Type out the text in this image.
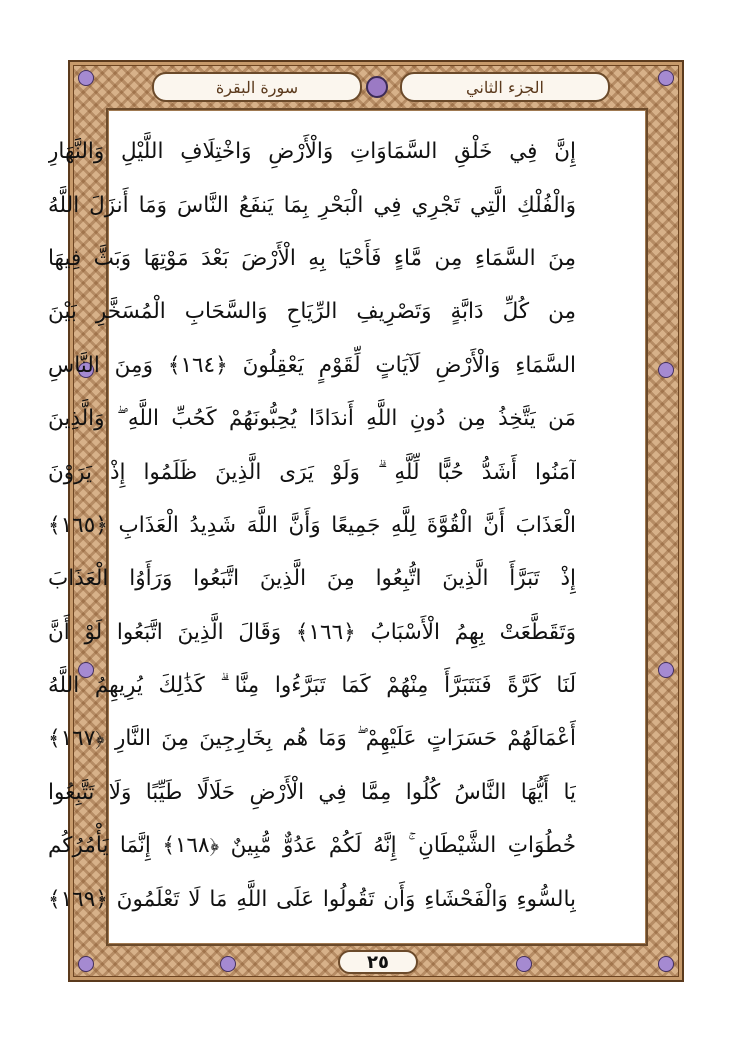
سورة البقرة	الجزء الثاني
٢٥
إِنَّ فِي خَلْقِ السَّمَاوَاتِ وَالْأَرْضِ وَاخْتِلَافِ اللَّيْلِ وَالنَّهَارِ
وَالْفُلْكِ الَّتِي تَجْرِي فِي الْبَحْرِ بِمَا يَنفَعُ النَّاسَ وَمَا أَنزَلَ اللَّهُ
مِنَ السَّمَاءِ مِن مَّاءٍ فَأَحْيَا بِهِ الْأَرْضَ بَعْدَ مَوْتِهَا وَبَثَّ فِيهَا
مِن كُلِّ دَابَّةٍ وَتَصْرِيفِ الرِّيَاحِ وَالسَّحَابِ الْمُسَخَّرِ بَيْنَ
السَّمَاءِ وَالْأَرْضِ لَآيَاتٍ لِّقَوْمٍ يَعْقِلُونَ ﴿١٦٤﴾ وَمِنَ النَّاسِ
مَن يَتَّخِذُ مِن دُونِ اللَّهِ أَندَادًا يُحِبُّونَهُمْ كَحُبِّ اللَّهِ ۖ وَالَّذِينَ
آمَنُوا أَشَدُّ حُبًّا لِّلَّهِ ۗ وَلَوْ يَرَى الَّذِينَ ظَلَمُوا إِذْ يَرَوْنَ
الْعَذَابَ أَنَّ الْقُوَّةَ لِلَّهِ جَمِيعًا وَأَنَّ اللَّهَ شَدِيدُ الْعَذَابِ ﴿١٦٥﴾
إِذْ تَبَرَّأَ الَّذِينَ اتُّبِعُوا مِنَ الَّذِينَ اتَّبَعُوا وَرَأَوُا الْعَذَابَ
وَتَقَطَّعَتْ بِهِمُ الْأَسْبَابُ ﴿١٦٦﴾ وَقَالَ الَّذِينَ اتَّبَعُوا لَوْ أَنَّ
لَنَا كَرَّةً فَنَتَبَرَّأَ مِنْهُمْ كَمَا تَبَرَّءُوا مِنَّا ۗ كَذَٰلِكَ يُرِيهِمُ اللَّهُ
أَعْمَالَهُمْ حَسَرَاتٍ عَلَيْهِمْ ۖ وَمَا هُم بِخَارِجِينَ مِنَ النَّارِ ﴿١٦٧﴾
يَا أَيُّهَا النَّاسُ كُلُوا مِمَّا فِي الْأَرْضِ حَلَالًا طَيِّبًا وَلَا تَتَّبِعُوا
خُطُوَاتِ الشَّيْطَانِ ۚ إِنَّهُ لَكُمْ عَدُوٌّ مُّبِينٌ ﴿١٦٨﴾ إِنَّمَا يَأْمُرُكُم
بِالسُّوءِ وَالْفَحْشَاءِ وَأَن تَقُولُوا عَلَى اللَّهِ مَا لَا تَعْلَمُونَ ﴿١٦٩﴾
